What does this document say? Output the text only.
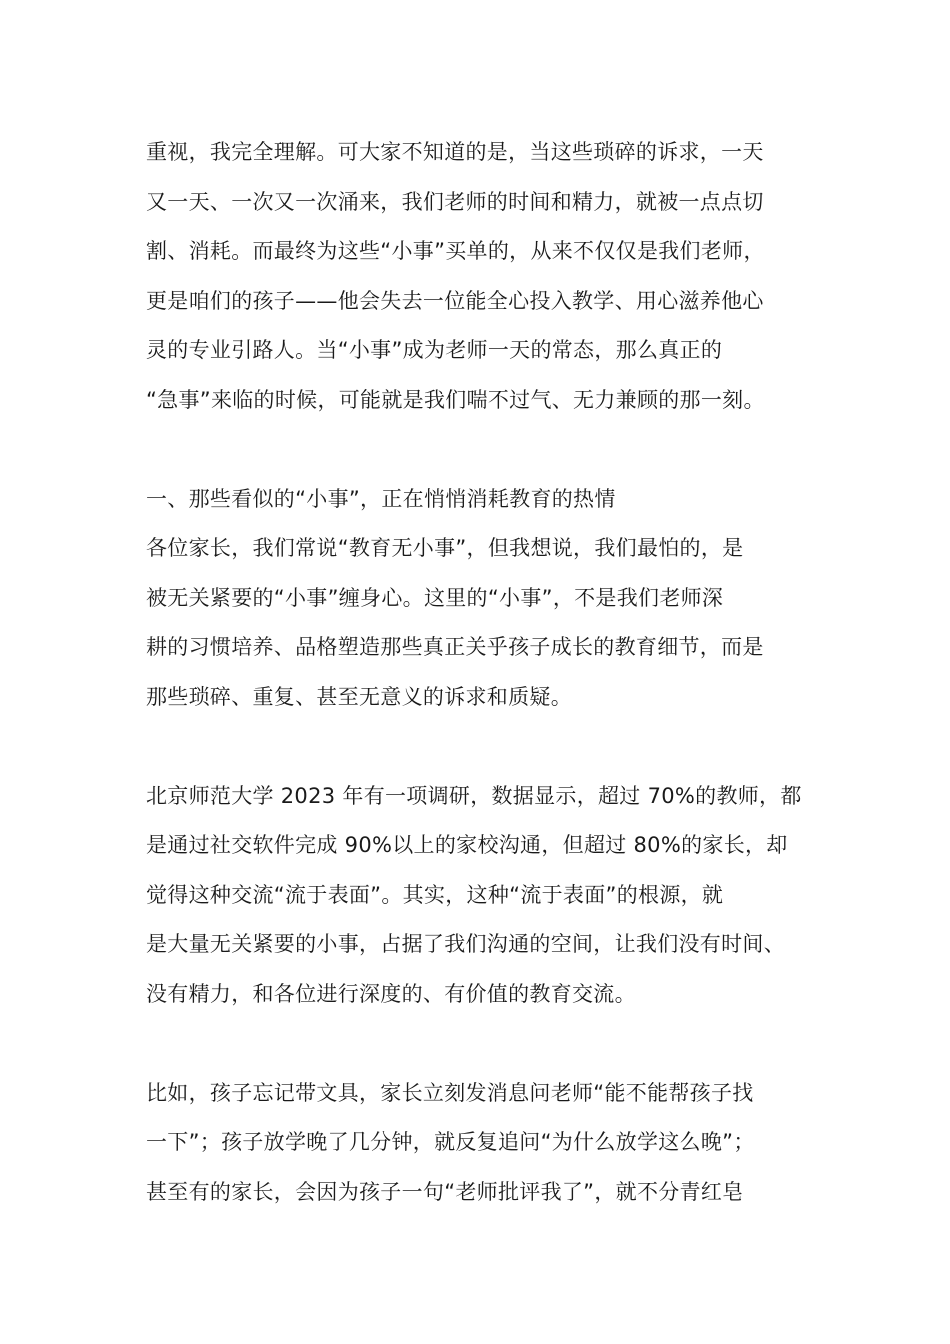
重视，我完全理解。可大家不知道的是，当这些琐碎的诉求，一天
又一天、一次又一次涌来，我们老师的时间和精力，就被一点点切
割、消耗。而最终为这些“小事”买单的，从来不仅仅是我们老师，
更是咱们的孩子——他会失去一位能全心投入教学、用心滋养他心
灵的专业引路人。当“小事”成为老师一天的常态，那么真正的
“急事”来临的时候，可能就是我们喘不过气、无力兼顾的那一刻。
一、那些看似的“小事”，正在悄悄消耗教育的热情
各位家长，我们常说“教育无小事”，但我想说，我们最怕的，是
被无关紧要的“小事”缠身心。这里的“小事”，不是我们老师深
耕的习惯培养、品格塑造那些真正关乎孩子成长的教育细节，而是
那些琐碎、重复、甚至无意义的诉求和质疑。
北京师范大学 2023 年有一项调研，数据显示，超过 70%的教师，都
是通过社交软件完成 90%以上的家校沟通，但超过 80%的家长，却
觉得这种交流“流于表面”。其实，这种“流于表面”的根源，就
是大量无关紧要的小事，占据了我们沟通的空间，让我们没有时间、
没有精力，和各位进行深度的、有价值的教育交流。
比如，孩子忘记带文具，家长立刻发消息问老师“能不能帮孩子找
一下”；孩子放学晚了几分钟，就反复追问“为什么放学这么晚”；
甚至有的家长，会因为孩子一句“老师批评我了”，就不分青红皂
